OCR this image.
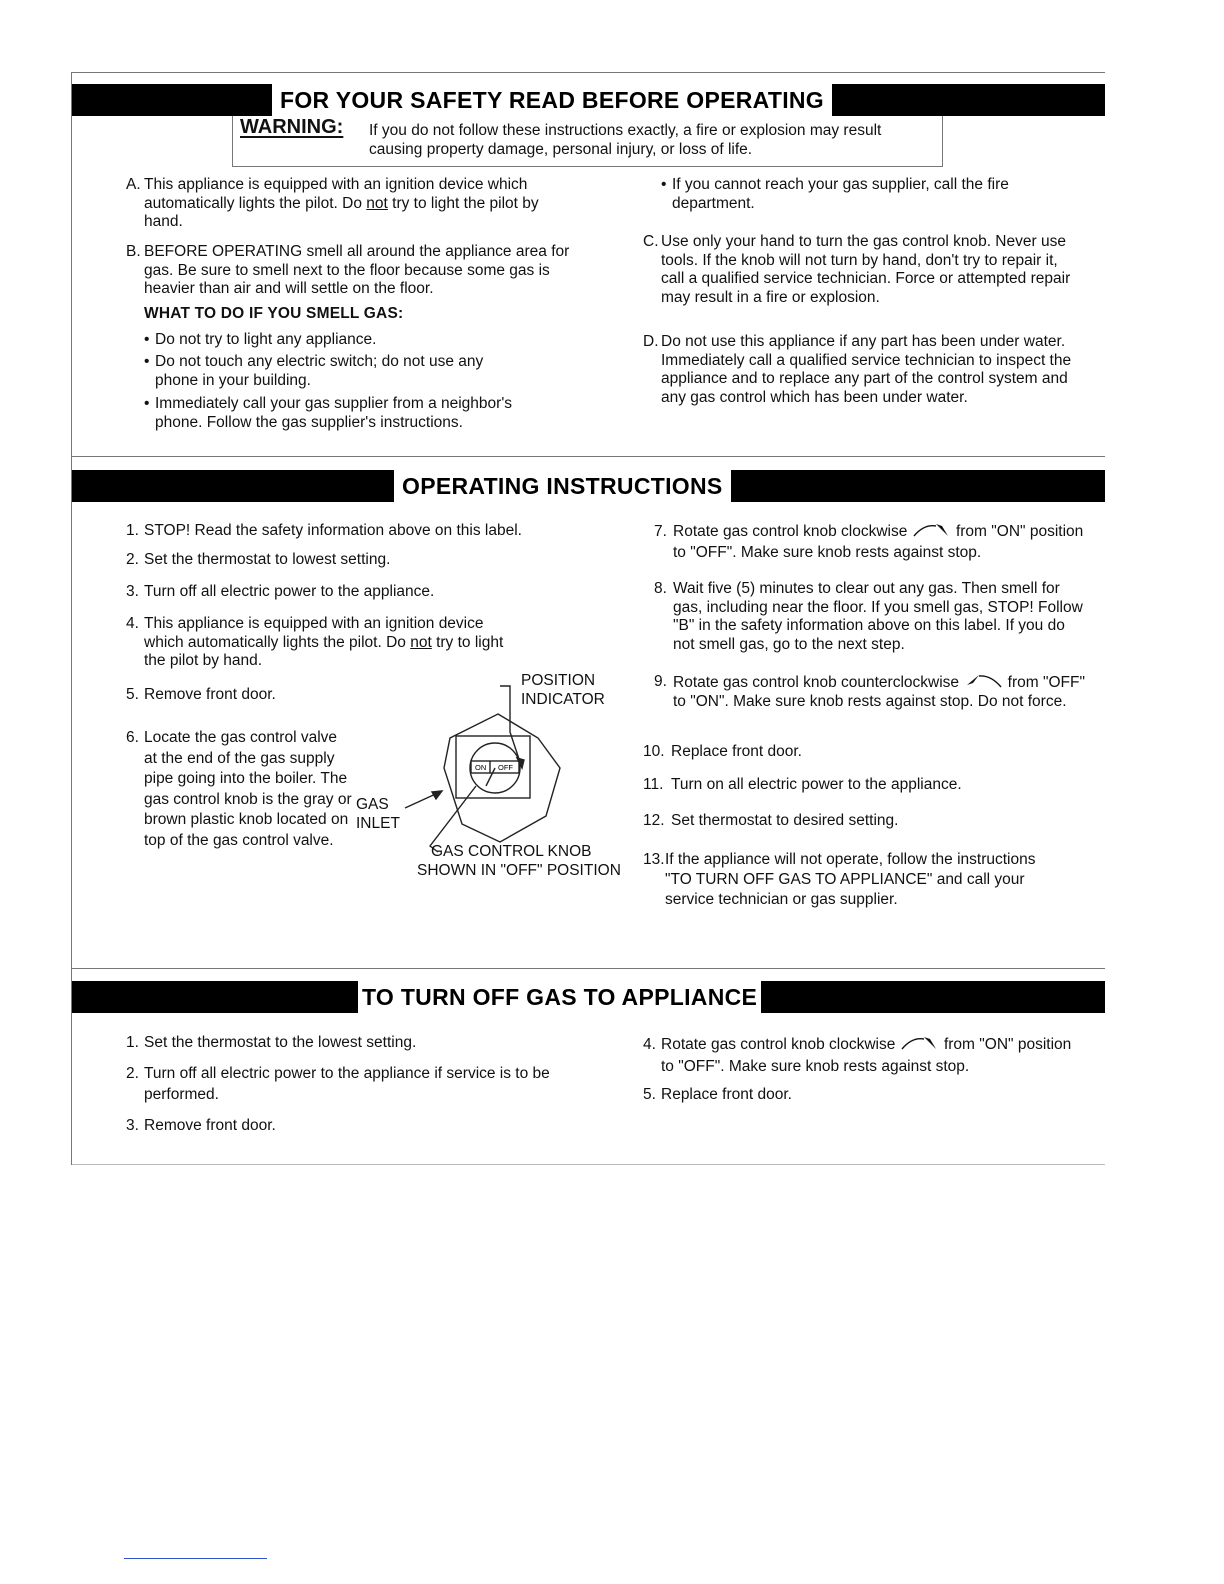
FOR YOUR SAFETY READ BEFORE OPERATING
WARNING: If you do not follow these instructions exactly, a fire or explosion may result
causing property damage, personal injury, or loss of life.
A. This appliance is equipped with an ignition device which automatically lights the pilot. Do not try to light the pilot by hand.
B. BEFORE OPERATING smell all around the appliance area for gas. Be sure to smell next to the floor because some gas is heavier than air and will settle on the floor.
WHAT TO DO IF YOU SMELL GAS:
• Do not try to light any appliance.
• Do not touch any electric switch; do not use any phone in your building.
• Immediately call your gas supplier from a neighbor's phone. Follow the gas supplier's instructions.
• If you cannot reach your gas supplier, call the fire department.
C. Use only your hand to turn the gas control knob. Never use tools. If the knob will not turn by hand, don't try to repair it, call a qualified service technician. Force or attempted repair may result in a fire or explosion.
D. Do not use this appliance if any part has been under water. Immediately call a qualified service technician to inspect the appliance and to replace any part of the control system and any gas control which has been under water.
OPERATING INSTRUCTIONS
1. STOP! Read the safety information above on this label.
2. Set the thermostat to lowest setting.
3. Turn off all electric power to the appliance.
4. This appliance is equipped with an ignition device which automatically lights the pilot. Do not try to light the pilot by hand.
5. Remove front door.
6. Locate the gas control valve at the end of the gas supply pipe going into the boiler. The gas control knob is the gray or brown plastic knob located on top of the gas control valve.
ON OFF
POSITION INDICATOR
GAS INLET
GAS CONTROL KNOB
SHOWN IN "OFF" POSITION
7. Rotate gas control knob clockwise	from "ON" position to "OFF". Make sure knob rests against stop.
8. Wait five (5) minutes to clear out any gas. Then smell for gas, including near the floor. If you smell gas, STOP! Follow "B" in the safety information above on this label. If you do not smell gas, go to the next step.
9. Rotate gas control knob counterclockwise	from "OFF" to "ON". Make sure knob rests against stop. Do not force.
10. Replace front door.
11. Turn on all electric power to the appliance.
12. Set thermostat to desired setting.
13. If the appliance will not operate, follow the instructions "TO TURN OFF GAS TO APPLIANCE" and call your service technician or gas supplier.
TO TURN OFF GAS TO APPLIANCE
1. Set the thermostat to the lowest setting.
2. Turn off all electric power to the appliance if service is to be performed.
3. Remove front door.
4. Rotate gas control knob clockwise	from "ON" position to "OFF". Make sure knob rests against stop.
5. Replace front door.
